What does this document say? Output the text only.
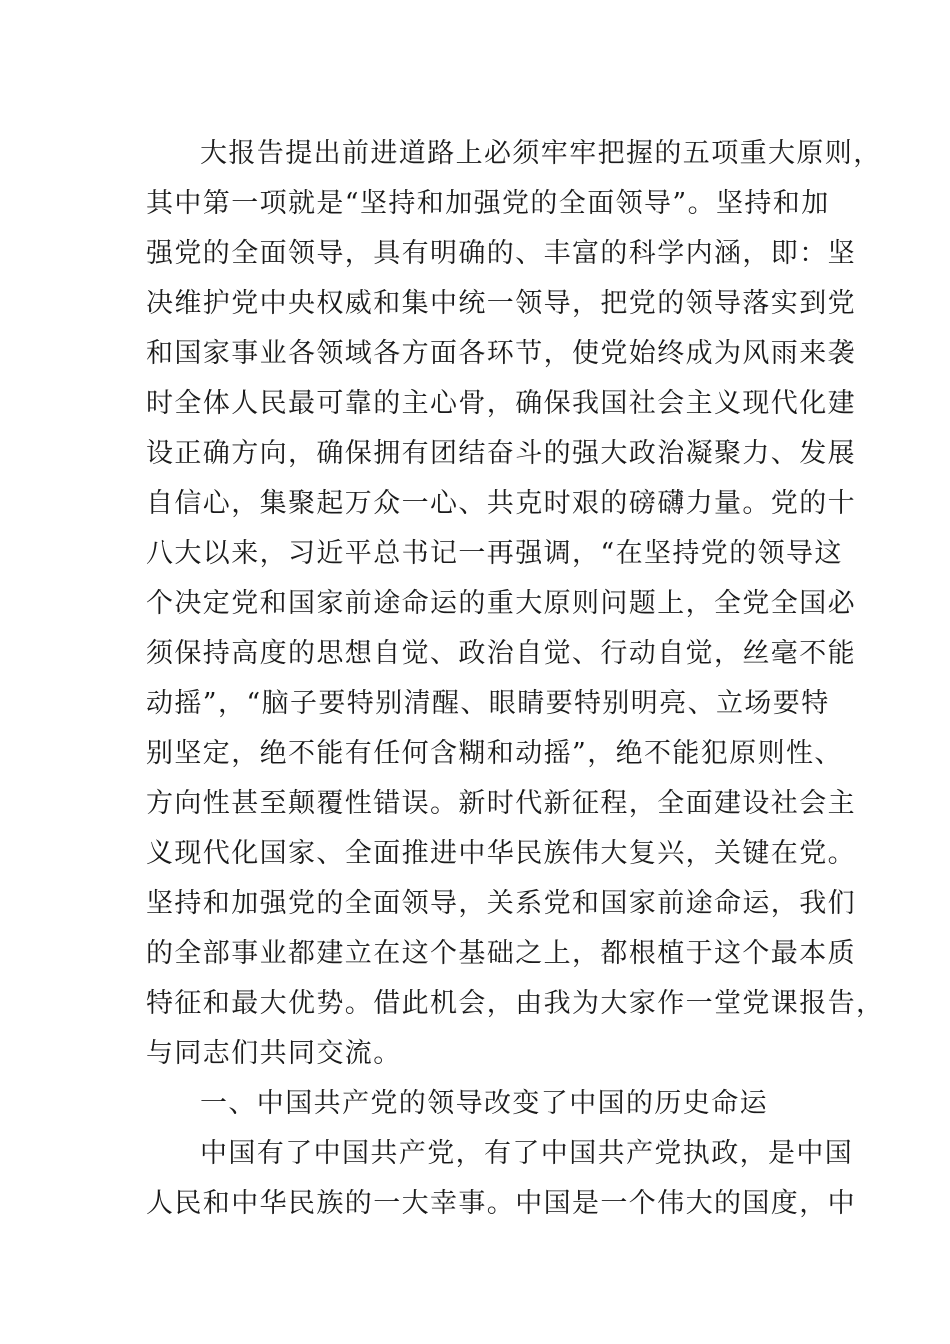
大报告提出前进道路上必须牢牢把握的五项重大原则，
其中第一项就是“坚持和加强党的全面领导”。坚持和加
强党的全面领导，具有明确的、丰富的科学内涵，即：坚
决维护党中央权威和集中统一领导，把党的领导落实到党
和国家事业各领域各方面各环节，使党始终成为风雨来袭
时全体人民最可靠的主心骨，确保我国社会主义现代化建
设正确方向，确保拥有团结奋斗的强大政治凝聚力、发展
自信心，集聚起万众一心、共克时艰的磅礴力量。党的十
八大以来，习近平总书记一再强调，“在坚持党的领导这
个决定党和国家前途命运的重大原则问题上，全党全国必
须保持高度的思想自觉、政治自觉、行动自觉，丝毫不能
动摇”，“脑子要特别清醒、眼睛要特别明亮、立场要特
别坚定，绝不能有任何含糊和动摇”，绝不能犯原则性、
方向性甚至颠覆性错误。新时代新征程，全面建设社会主
义现代化国家、全面推进中华民族伟大复兴，关键在党。
坚持和加强党的全面领导，关系党和国家前途命运，我们
的全部事业都建立在这个基础之上，都根植于这个最本质
特征和最大优势。借此机会，由我为大家作一堂党课报告，
与同志们共同交流。
一、中国共产党的领导改变了中国的历史命运
中国有了中国共产党，有了中国共产党执政，是中国
人民和中华民族的一大幸事。中国是一个伟大的国度，中
